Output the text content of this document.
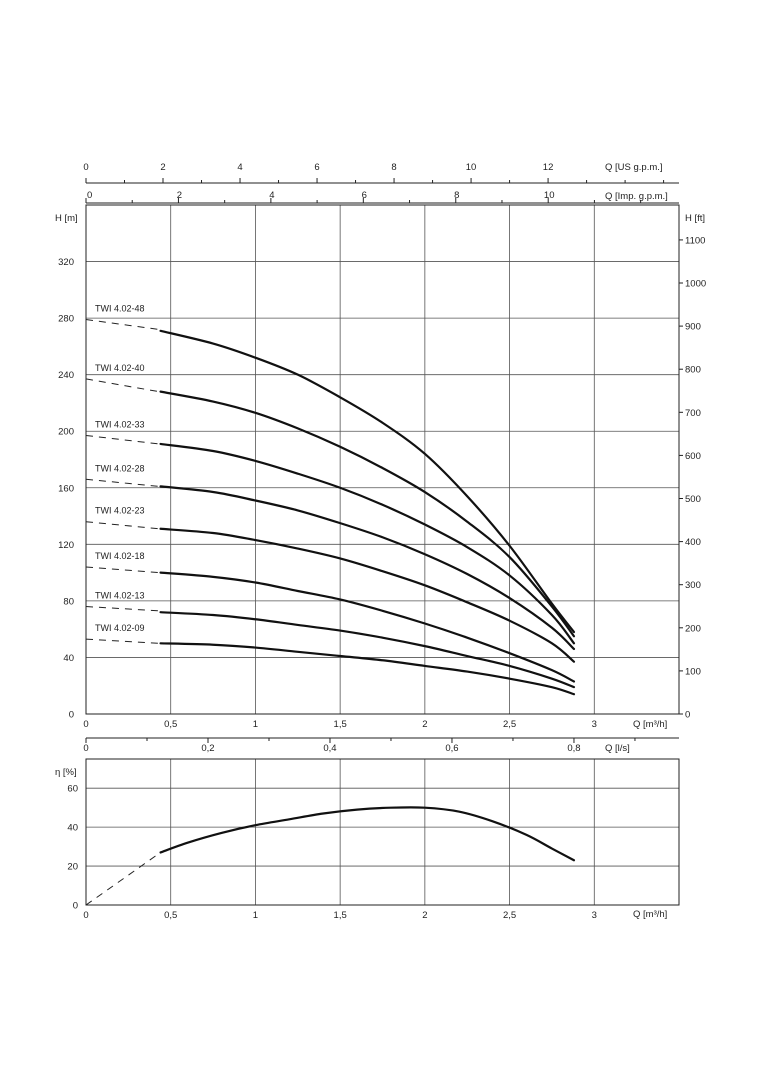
TWI 4.02-48
TWI 4.02-40
TWI 4.02-33
TWI 4.02-28
TWI 4.02-23
TWI 4.02-18
TWI 4.02-13
TWI 4.02-09
0
40
80
120
160
200
240
280
320
0
100
200
300
400
500
600
700
800
900
1000
1100
0	0,5	1	1,5	2	2,5	3
0	2	4	6	8	10	12	Q [US g.p.m.]
0	2	4	6	8	10	Q [Imp. g.p.m.]
0	0,2	0,4	0,6	0,8	Q [l/s]
H [m]	H [ft]
Q [m³/h]
0
20
40
60
0	0,5	1	1,5	2	2,5	3
η [%]
Q [m³/h]
